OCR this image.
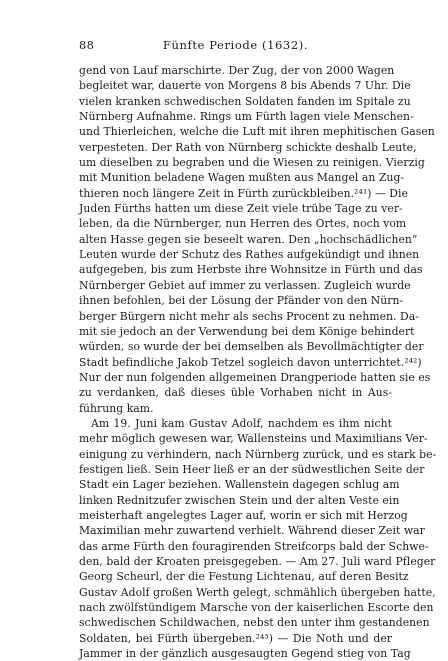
88	Fünfte Periode (1632).
gend von Lauf marschirte. Der Zug, der von 2000 Wagen
begleitet war, dauerte von Morgens 8 bis Abends 7 Uhr. Die
vielen kranken schwedischen Soldaten fanden im Spitale zu
Nürnberg Aufnahme. Rings um Fürth lagen viele Menschen-
und Thierleichen, welche die Luft mit ihren mephitischen Gasen
verpesteten. Der Rath von Nürnberg schickte deshalb Leute,
um dieselben zu begraben und die Wiesen zu reinigen. Vierzig
mit Munition beladene Wagen mußten aus Mangel an Zug-
thieren noch längere Zeit in Fürth zurückbleiben.²⁴¹) — Die
Juden Fürths hatten um diese Zeit viele trübe Tage zu ver-
leben, da die Nürnberger, nun Herren des Ortes, noch vom
alten Hasse gegen sie beseelt waren. Den „hochschädlichen“
Leuten wurde der Schutz des Rathes aufgekündigt und ihnen
aufgegeben, bis zum Herbste ihre Wohnsitze in Fürth und das
Nürnberger Gebiet auf immer zu verlassen. Zugleich wurde
ihnen befohlen, bei der Lösung der Pfänder von den Nürn-
berger Bürgern nicht mehr als sechs Procent zu nehmen. Da-
mit sie jedoch an der Verwendung bei dem Könige behindert
würden, so wurde der bei demselben als Bevollmächtigter der
Stadt befindliche Jakob Tetzel sogleich davon unterrichtet.²⁴²)
Nur der nun folgenden allgemeinen Drangperiode hatten sie es
zu verdanken, daß dieses üble Vorhaben nicht in Aus-
führung kam.
Am 19. Juni kam Gustav Adolf, nachdem es ihm nicht
mehr möglich gewesen war, Wallensteins und Maximilians Ver-
einigung zu verhindern, nach Nürnberg zurück, und es stark be-
festigen ließ. Sein Heer ließ er an der südwestlichen Seite der
Stadt ein Lager beziehen. Wallenstein dagegen schlug am
linken Rednitzufer zwischen Stein und der alten Veste ein
meisterhaft angelegtes Lager auf, worin er sich mit Herzog
Maximilian mehr zuwartend verhielt. Während dieser Zeit war
das arme Fürth den fouragirenden Streifcorps bald der Schwe-
den, bald der Kroaten preisgegeben. — Am 27. Juli ward Pfleger
Georg Scheurl, der die Festung Lichtenau, auf deren Besitz
Gustav Adolf großen Werth gelegt, schmählich übergeben hatte,
nach zwölfstündigem Marsche von der kaiserlichen Escorte den
schwedischen Schildwachen, nebst den unter ihm gestandenen
Soldaten, bei Fürth übergeben.²⁴³) — Die Noth und der
Jammer in der gänzlich ausgesaugten Gegend stieg von Tag
